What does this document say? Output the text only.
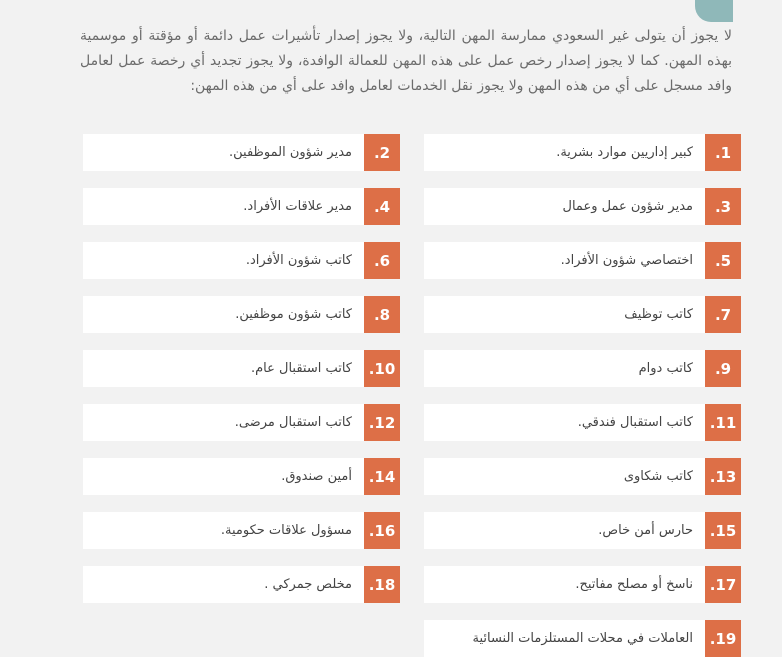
لا يجوز أن يتولى غير السعودي ممارسة المهن التالية، ولا يجوز إصدار تأشيرات عمل دائمة أو مؤقتة أو موسمية بهذه المهن. كما لا يجوز إصدار رخص عمل على هذه المهن للعمالة الوافدة، ولا يجوز تجديد أي رخصة عمل لعامل وافد مسجل على أي من هذه المهن ولا يجوز نقل الخدمات لعامل وافد على أي من هذه المهن:

1.
كبير إداريين موارد بشرية.
2.
مدير شؤون الموظفين.
3.
مدير شؤون عمل وعمال
4.
مدير علاقات الأفراد.
5.
اختصاصي شؤون الأفراد.
6.
كاتب شؤون الأفراد.
7.
كاتب توظيف
8.
كاتب شؤون موظفين.
9.
كاتب دوام
10.
كاتب استقبال عام.
11.
كاتب استقبال فندقي.
12.
كاتب استقبال مرضى.
13.
كاتب شكاوى
14.
أمين صندوق.
15.
حارس أمن خاص.
16.
مسؤول علاقات حكومية.
17.
ناسخ أو مصلح مفاتيح.
18.
مخلص جمركي .
19.
العاملات في محلات المستلزمات النسائية
